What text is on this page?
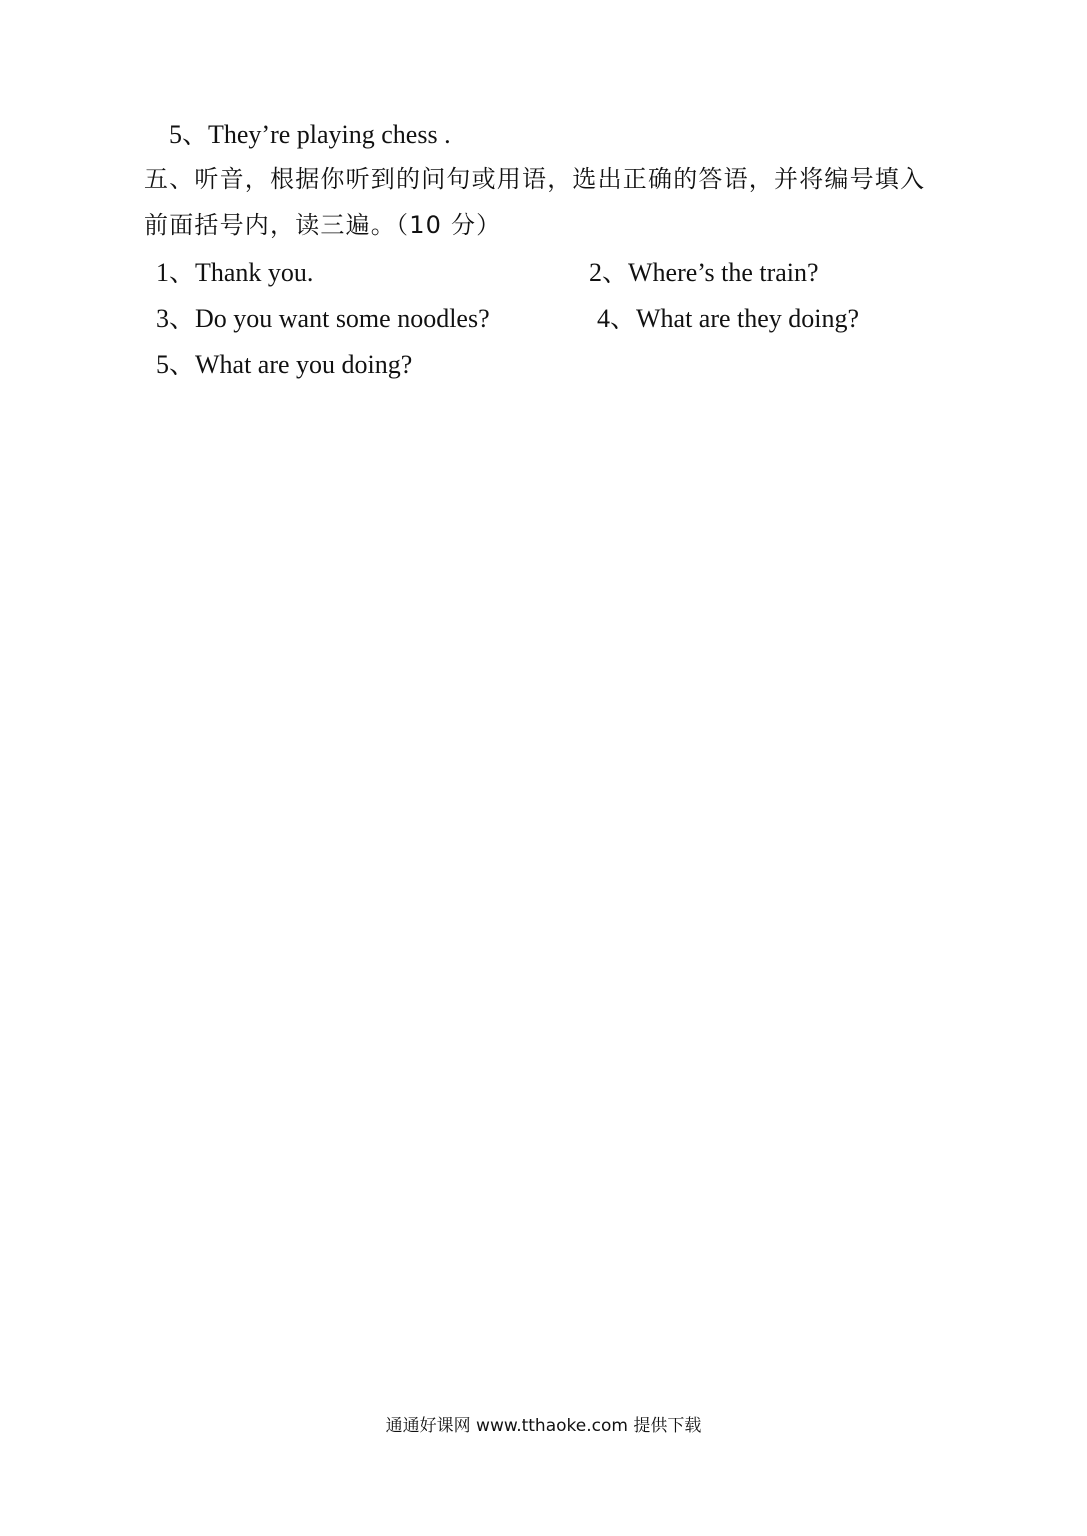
5、They’re playing chess .
五、听音，根据你听到的问句或用语，选出正确的答语，并将编号填入
前面括号内，读三遍。（10 分）
1、Thank you.	2、Where’s the train?
3、Do you want some noodles?	4、What are they doing?
5、What are you doing?
通通好课网 www.tthaoke.com 提供下载
